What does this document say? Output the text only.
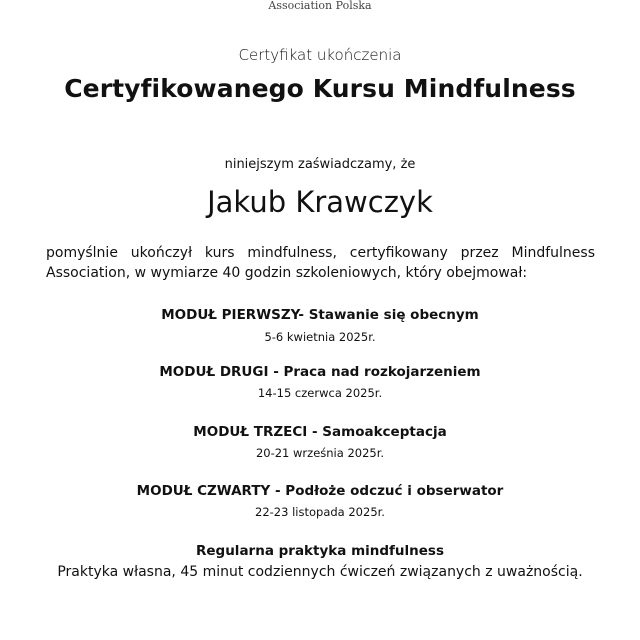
Association Polska
Certyfikat ukończenia
Certyfikowanego Kursu Mindfulness
niniejszym zaświadczamy, że
Jakub Krawczyk
pomyślnie ukończył kurs mindfulness, certyfikowany przez Mindfulness Association, w wymiarze 40 godzin szkoleniowych, który obejmował:
MODUŁ PIERWSZY- Stawanie się obecnym
5-6 kwietnia 2025r.
MODUŁ DRUGI - Praca nad rozkojarzeniem
14-15 czerwca 2025r.
MODUŁ TRZECI - Samoakceptacja
20-21 września 2025r.
MODUŁ CZWARTY - Podłoże odczuć i obserwator
22-23 listopada 2025r.
Regularna praktyka mindfulness
Praktyka własna, 45 minut codziennych ćwiczeń związanych z uważnością.
